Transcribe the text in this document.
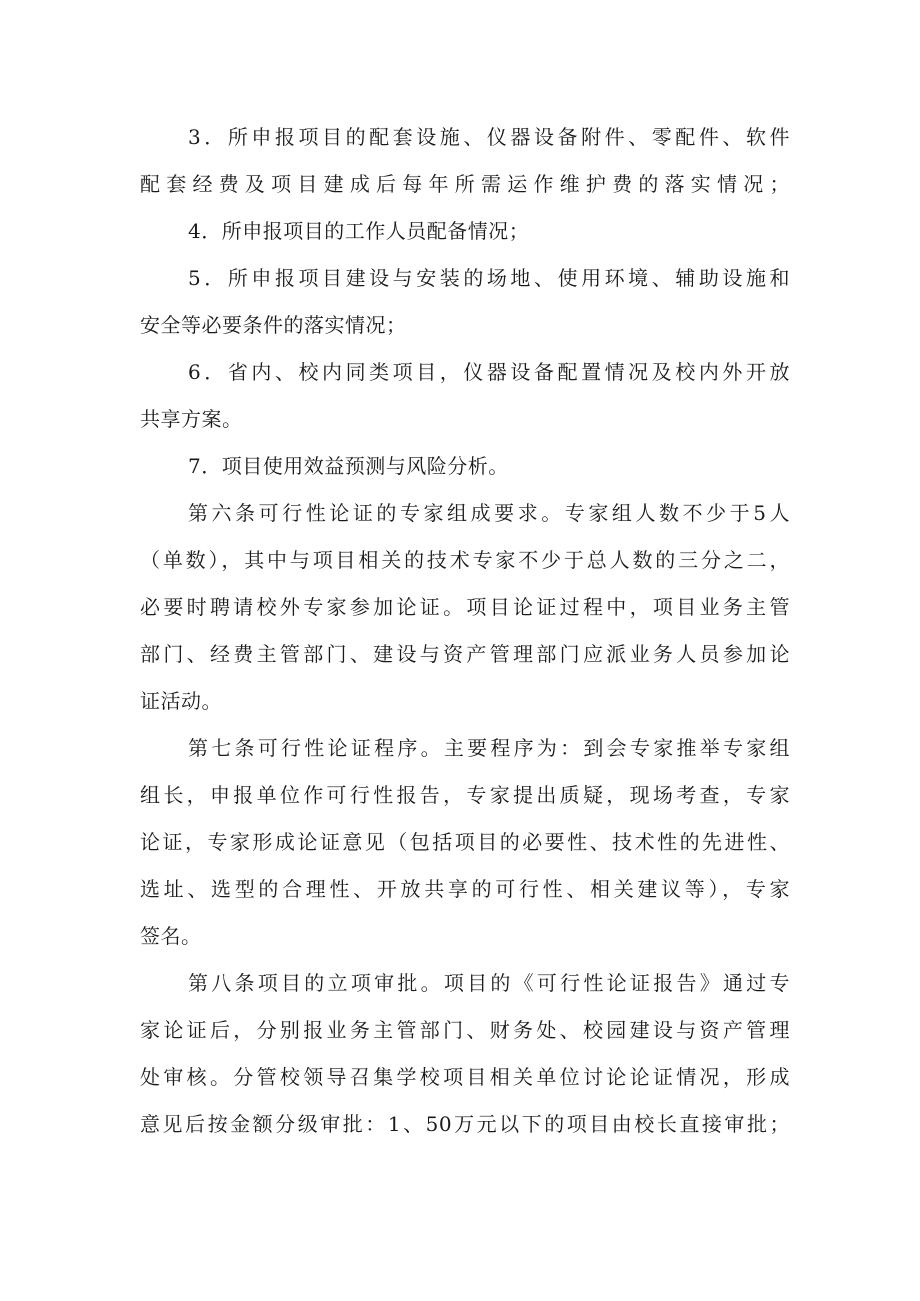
3．所申报项目的配套设施、仪器设备附件、零配件、软件
配套经费及项目建成后每年所需运作维护费的落实情况；
4．所申报项目的工作人员配备情况；
5．所申报项目建设与安装的场地、使用环境、辅助设施和
安全等必要条件的落实情况；
6．省内、校内同类项目，仪器设备配置情况及校内外开放
共享方案。
7．项目使用效益预测与风险分析。
第六条可行性论证的专家组成要求。专家组人数不少于5人
（单数），其中与项目相关的技术专家不少于总人数的三分之二，
必要时聘请校外专家参加论证。项目论证过程中，项目业务主管
部门、经费主管部门、建设与资产管理部门应派业务人员参加论
证活动。
第七条可行性论证程序。主要程序为：到会专家推举专家组
组长，申报单位作可行性报告，专家提出质疑，现场考查，专家
论证，专家形成论证意见（包括项目的必要性、技术性的先进性、
选址、选型的合理性、开放共享的可行性、相关建议等），专家
签名。
第八条项目的立项审批。项目的《可行性论证报告》通过专
家论证后，分别报业务主管部门、财务处、校园建设与资产管理
处审核。分管校领导召集学校项目相关单位讨论论证情况，形成
意见后按金额分级审批：1、50万元以下的项目由校长直接审批；
